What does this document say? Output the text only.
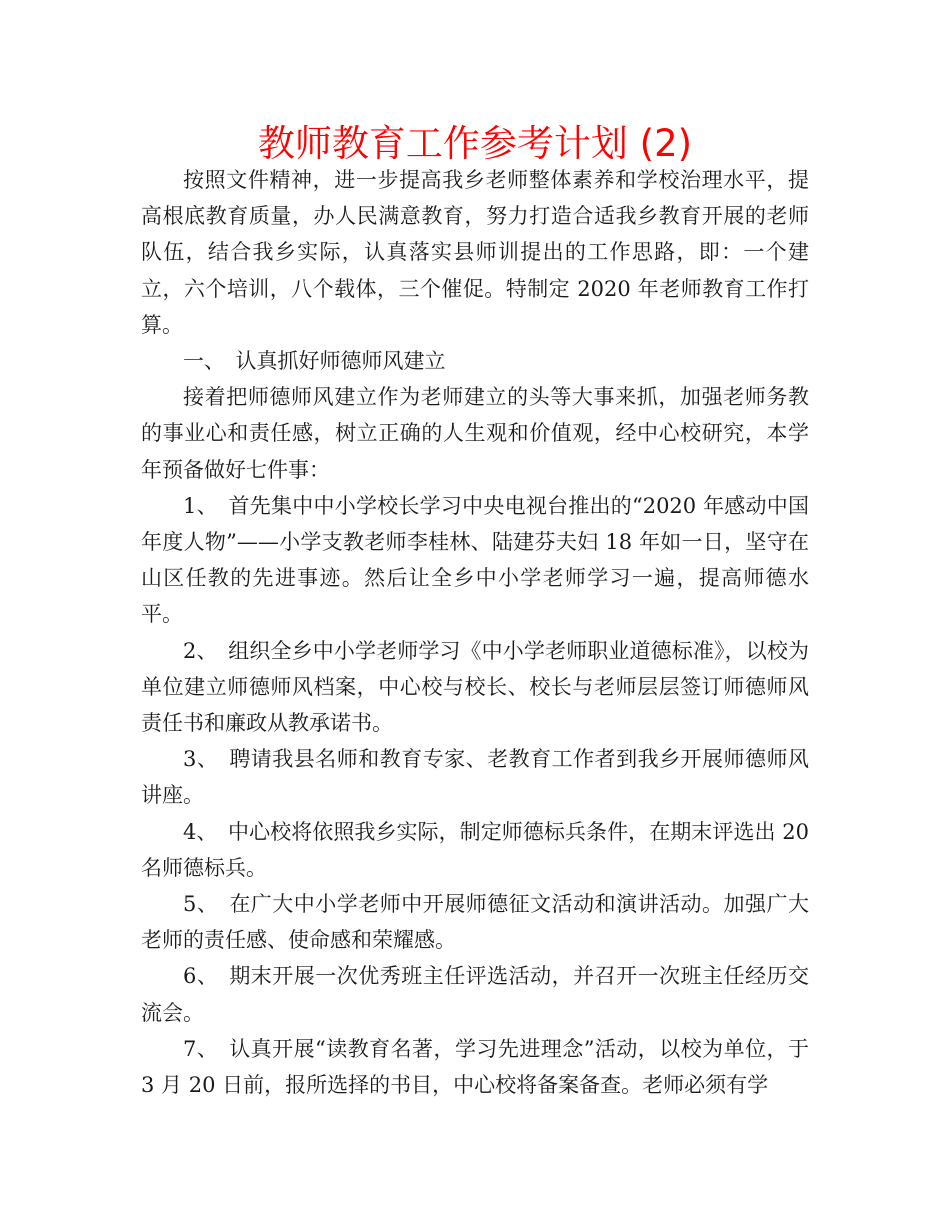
教师教育工作参考计划 (2)

按照文件精神，进一步提高我乡老师整体素养和学校治理水平，提高根底教育质量，办人民满意教育，努力打造合适我乡教育开展的老师队伍，结合我乡实际，认真落实县师训提出的工作思路，即：一个建立，六个培训，八个载体，三个催促。特制定 2020 年老师教育工作打算。

一、　认真抓好师德师风建立

接着把师德师风建立作为老师建立的头等大事来抓，加强老师务教的事业心和责任感，树立正确的人生观和价值观，经中心校研究，本学年预备做好七件事：

1、　首先集中中小学校长学习中央电视台推出的“2020 年感动中国年度人物”——小学支教老师李桂林、陆建芬夫妇 18 年如一日，坚守在山区任教的先进事迹。然后让全乡中小学老师学习一遍，提高师德水平。

2、　组织全乡中小学老师学习《中小学老师职业道德标准》，以校为单位建立师德师风档案，中心校与校长、校长与老师层层签订师德师风责任书和廉政从教承诺书。

3、　聘请我县名师和教育专家、老教育工作者到我乡开展师德师风讲座。

4、　中心校将依照我乡实际，制定师德标兵条件，在期末评选出 20 名师德标兵。

5、　在广大中小学老师中开展师德征文活动和演讲活动。加强广大老师的责任感、使命感和荣耀感。

6、　期末开展一次优秀班主任评选活动，并召开一次班主任经历交流会。

7、　认真开展“读教育名著，学习先进理念”活动，以校为单位，于 3 月 20 日前，报所选择的书目，中心校将备案备查。老师必须有学
